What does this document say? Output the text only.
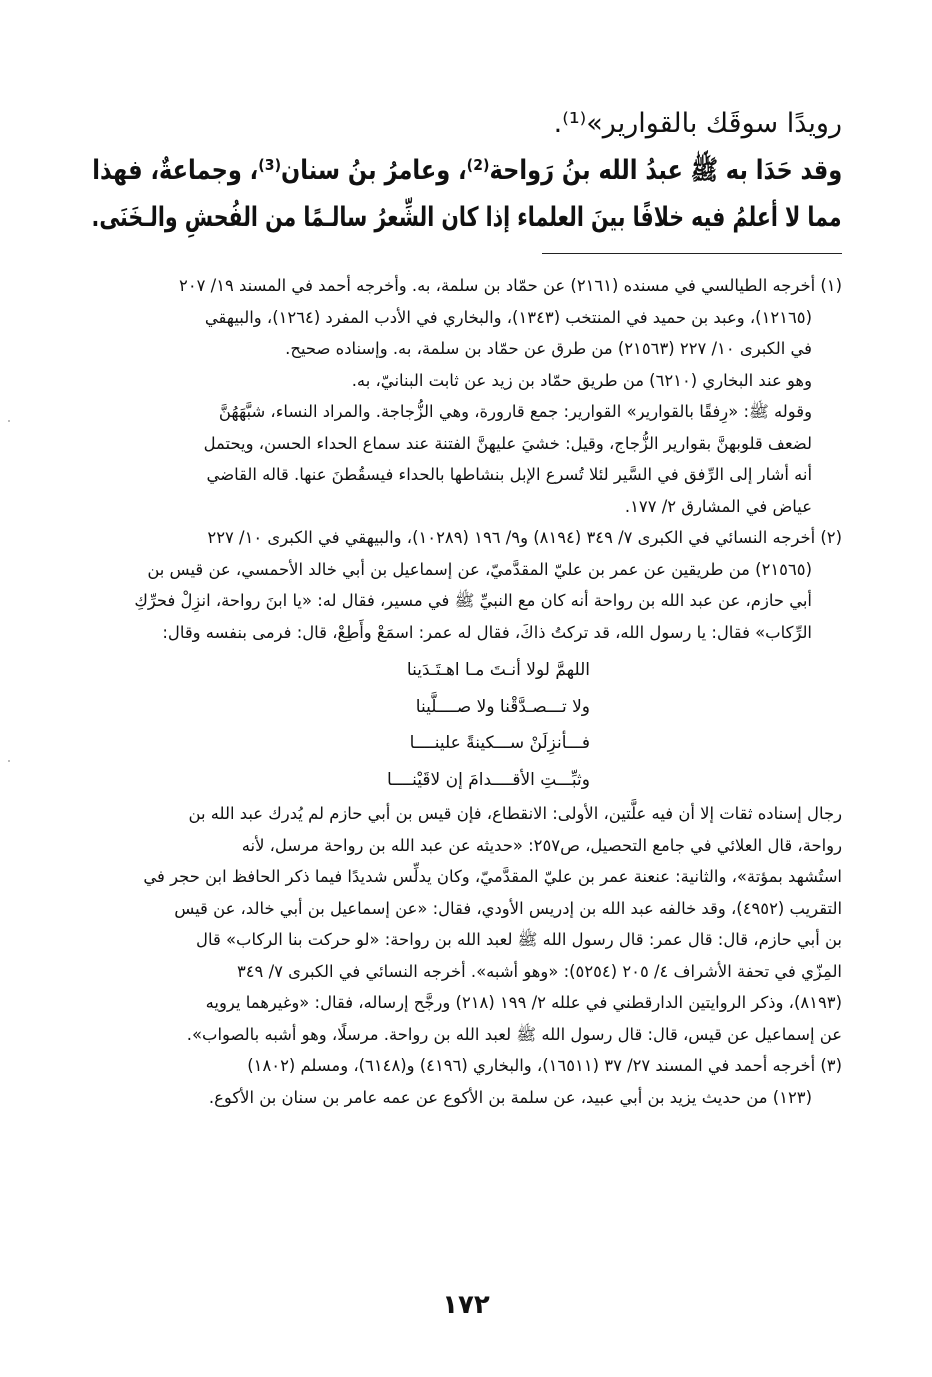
رويدًا سوقَك بالقوارير»⁽¹⁾.
وقد حَدَا به ﷺ عبدُ الله بنُ رَواحة⁽²⁾، وعامرُ بنُ سنان⁽³⁾، وجماعةٌ، فهذا
مما لا أعلمُ فيه خلافًا بينَ العلماء إذا كان الشِّعرُ سالـمًا من الفُحشِ والـخَنَى.
(١) أخرجه الطيالسي في مسنده (٢١٦١) عن حمّاد بن سلمة، به. وأخرجه أحمد في المسند ١٩/ ٢٠٧
(١٢١٦٥)، وعبد بن حميد في المنتخب (١٣٤٣)، والبخاري في الأدب المفرد (١٢٦٤)، والبيهقي
في الكبرى ١٠/ ٢٢٧ (٢١٥٦٣) من طرق عن حمّاد بن سلمة، به. وإسناده صحيح.
وهو عند البخاري (٦٢١٠) من طريق حمّاد بن زيد عن ثابت البنانيّ، به.
وقوله ﷺ: «رِفقًا بالقوارير» القوارير: جمع قارورة، وهي الزُّجاجة. والمراد النساء، شبَّهَهُنَّ
لضعف قلوبهنَّ بقوارير الزُّجاج، وقيل: خشيَ عليهنَّ الفتنة عند سماع الحداء الحسن، ويحتمل
أنه أشار إلى الرِّفق في السَّير لئلا تُسرع الإبل بنشاطها بالحداء فيسقُطنَ عنها. قاله القاضي
عياض في المشارق ٢/ ١٧٧.
(٢) أخرجه النسائي في الكبرى ٧/ ٣٤٩ (٨١٩٤) و٩/ ١٩٦ (١٠٢٨٩)، والبيهقي في الكبرى ١٠/ ٢٢٧
(٢١٥٦٥) من طريقين عن عمر بن عليّ المقدَّميّ، عن إسماعيل بن أبي خالد الأحمسي، عن قيس بن
أبي حازم، عن عبد الله بن رواحة أنه كان مع النبيِّ ﷺ في مسير، فقال له: «يا ابنَ رواحة، انزِلْ فحرِّكِ
الرِّكاب» فقال: يا رسول الله، قد تركتُ ذاكَ، فقال له عمر: اسمَعْ وأَطِعْ، قال: فرمى بنفسه وقال:
اللهمَّ لولا أنـتَ مـا اهـتَـدَينا
ولا تـــصـدَّقْنا ولا صــــلَّينا
فـــأنزِلَنْ ســـكينةً علينــــا
وثبِّـــتِ الأقــــدامَ إن لاقَيْنــــا
رجال إسناده ثقات إلا أن فيه علَّتين، الأولى: الانقطاع، فإن قيس بن أبي حازم لم يُدرك عبد الله بن
رواحة، قال العلائي في جامع التحصيل، ص٢٥٧: «حديثه عن عبد الله بن رواحة مرسل، لأنه
استُشهد بمؤتة»، والثانية: عنعنة عمر بن عليّ المقدَّميّ، وكان يدلِّس شديدًا فيما ذكر الحافظ ابن حجر في
التقريب (٤٩٥٢)، وقد خالفه عبد الله بن إدريس الأودي، فقال: «عن إسماعيل بن أبي خالد، عن قيس
بن أبي حازم، قال: قال عمر: قال رسول الله ﷺ لعبد الله بن رواحة: «لو حركت بنا الركاب» قال
المِزّي في تحفة الأشراف ٤/ ٢٠٥ (٥٢٥٤): «وهو أشبه». أخرجه النسائي في الكبرى ٧/ ٣٤٩
(٨١٩٣)، وذكر الروايتين الدارقطني في علله ٢/ ١٩٩ (٢١٨) ورجَّح إرساله، فقال: «وغيرهما يرويه
عن إسماعيل عن قيس، قال: قال رسول الله ﷺ لعبد الله بن رواحة. مرسلًا، وهو أشبه بالصواب».
(٣) أخرجه أحمد في المسند ٢٧/ ٣٧ (١٦٥١١)، والبخاري (٤١٩٦) و(٦١٤٨)، ومسلم (١٨٠٢)
(١٢٣) من حديث يزيد بن أبي عبيد، عن سلمة بن الأكوع عن عمه عامر بن سنان بن الأكوع.
١٧٢
